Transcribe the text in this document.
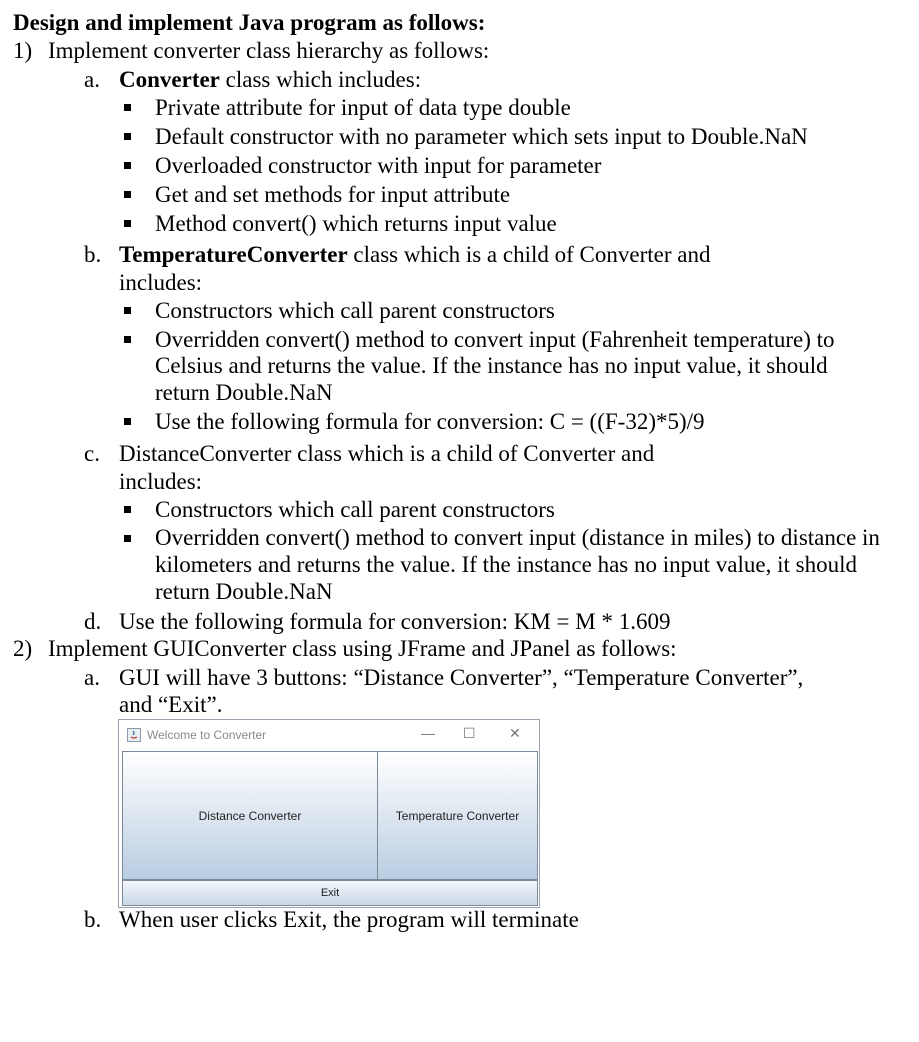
Design and implement Java program as follows:
1) Implement converter class hierarchy as follows:
a. Converter class which includes:
Private attribute for input of data type double
Default constructor with no parameter which sets input to Double.NaN
Overloaded constructor with input for parameter
Get and set methods for input attribute
Method convert() which returns input value
b. TemperatureConverter class which is a child of Converter and
includes:
Constructors which call parent constructors
Overridden convert() method to convert input (Fahrenheit temperature) to
Celsius and returns the value. If the instance has no input value, it should
return Double.NaN
Use the following formula for conversion: C = ((F-32)*5)/9
c. DistanceConverter class which is a child of Converter and
includes:
Constructors which call parent constructors
Overridden convert() method to convert input (distance in miles) to distance in
kilometers and returns the value. If the instance has no input value, it should
return Double.NaN
d. Use the following formula for conversion: KM = M * 1.609
2) Implement GUIConverter class using JFrame and JPanel as follows:
a. GUI will have 3 buttons: “Distance Converter”, “Temperature Converter”,
and “Exit”.
Welcome to Converter	— ☐ ✕
Distance Converter	Temperature Converter
Exit
b. When user clicks Exit, the program will terminate
